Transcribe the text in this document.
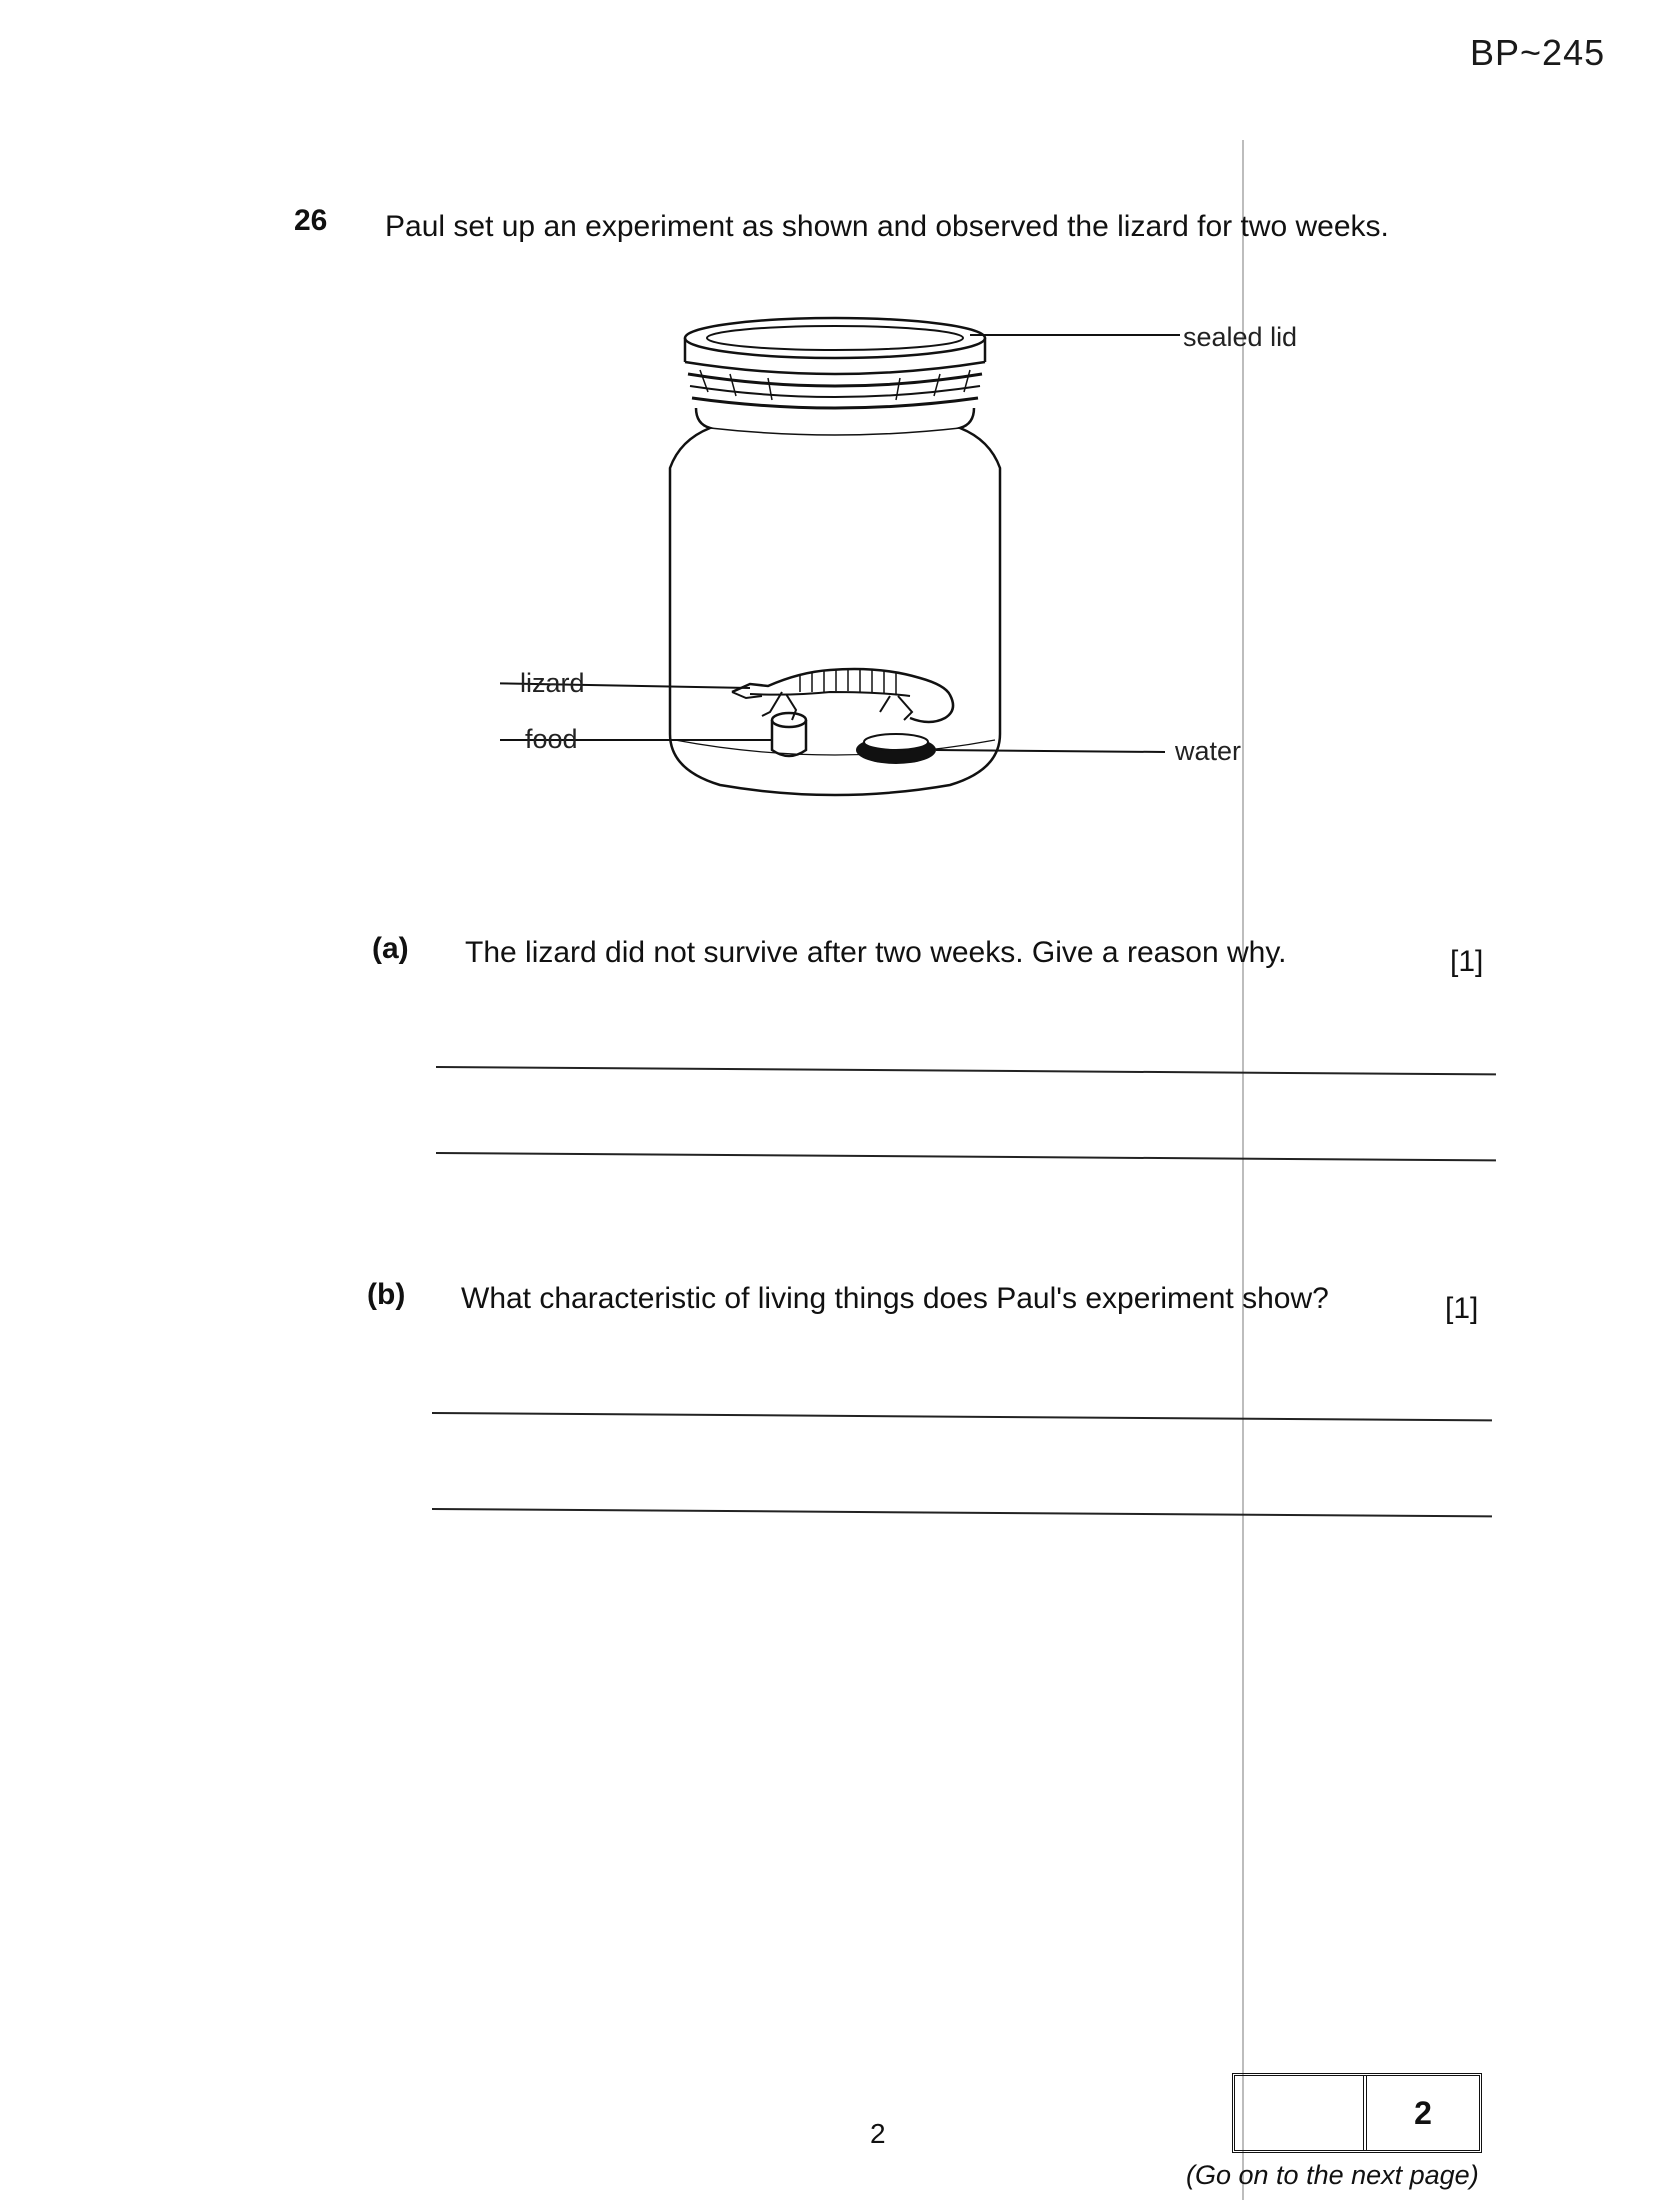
BP~245
26 Paul set up an experiment as shown and observed the lizard for two weeks.
sealed lid
lizard
food	water
(a) The lizard did not survive after two weeks. Give a reason why.	[1]
(b) What characteristic of living things does Paul's experiment show?	[1]
2
2
(Go on to the next page)
